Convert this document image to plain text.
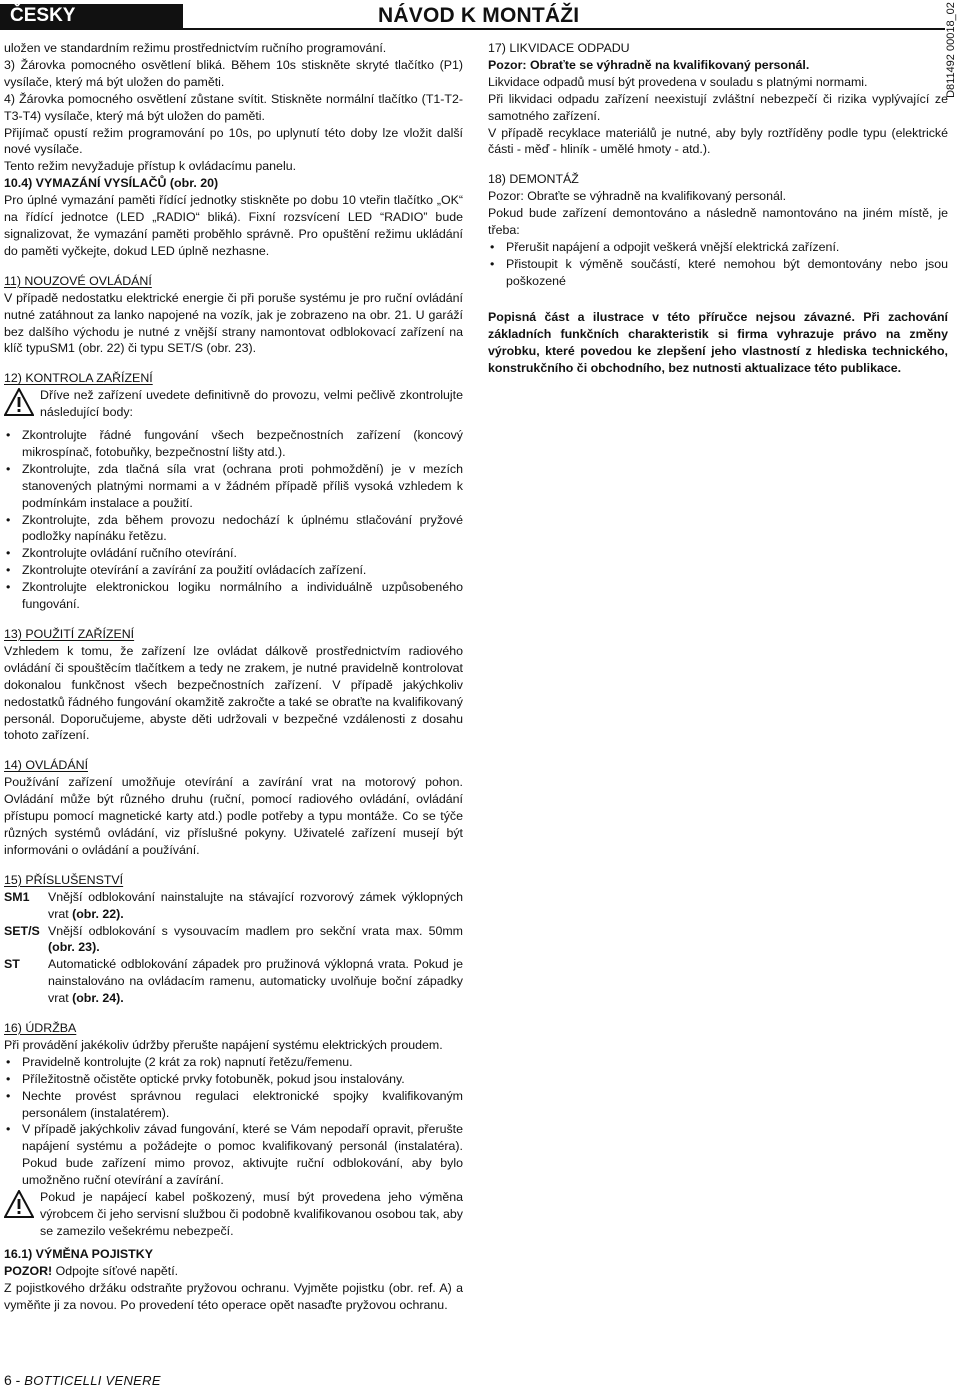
ČESKY	NÁVOD K MONTÁŽI	D811492 00018_02

uložen ve standardním režimu prostřednictvím ručního programování.

3) Žárovka pomocného osvětlení bliká. Během 10s stiskněte skryté tlačítko (P1) vysílače, který má být uložen do paměti.

4) Žárovka pomocného osvětlení zůstane svítit. Stiskněte normální tlačítko (T1-T2-T3-T4) vysílače, který má být uložen do paměti.

Přijímač opustí režim programování po 10s, po uplynutí této doby lze vložit další nové vysílače.

Tento režim nevyžaduje přístup k ovládacímu panelu.

10.4) VYMAZÁNÍ VYSÍLAČŮ (obr. 20)

Pro úplné vymazání paměti řídící jednotky stiskněte po dobu 10 vteřin tlačítko „OK“ na řídící jednotce (LED „RADIO“ bliká). Fixní rozsvícení LED “RADIO” bude signalizovat, že vymazání paměti proběhlo správně. Pro opuštění režimu ukládání do paměti vyčkejte, dokud LED úplně nezhasne.

11) NOUZOVÉ OVLÁDÁNÍ

V případě nedostatku elektrické energie či při poruše systému je pro ruční ovládání nutné zatáhnout za lanko napojené na vozík, jak je zobrazeno na obr. 21. U garáží bez dalšího východu je nutné z vnější strany namontovat odblokovací zařízení na klíč typuSM1 (obr. 22) či typu SET/S (obr. 23).

12) KONTROLA ZAŘÍZENÍ

Dříve než zařízení uvedete definitivně do provozu, velmi pečlivě zkontrolujte následující body:

• Zkontrolujte řádné fungování všech bezpečnostních zařízení (koncový mikrospínač, fotobuňky, bezpečnostní lišty atd.).
• Zkontrolujte, zda tlačná síla vrat (ochrana proti pohmoždění) je v mezích stanovených platnými normami a v žádném případě příliš vysoká vzhledem k podmínkám instalace a použití.
• Zkontrolujte, zda během provozu nedochází k úplnému stlačování pryžové podložky napínáku řetězu.
• Zkontrolujte ovládání ručního otevírání.
• Zkontrolujte otevírání a zavírání za použití ovládacích zařízení.
• Zkontrolujte elektronickou logiku normálního a individuálně uzpůsobeného fungování.

13) POUŽITÍ ZAŘÍZENÍ

Vzhledem k tomu, že zařízení lze ovládat dálkově prostřednictvím radiového ovládání či spouštěcím tlačítkem a tedy ne zrakem, je nutné pravidelně kontrolovat dokonalou funkčnost všech bezpečnostních zařízení. V případě jakýchkoliv nedostatků řádného fungování okamžitě zakročte a také se obraťte na kvalifikovaný personál. Doporučujeme, abyste děti udržovali v bezpečné vzdálenosti z dosahu tohoto zařízení.

14) OVLÁDÁNÍ

Používání zařízení umožňuje otevírání a zavírání vrat na motorový pohon. Ovládání může být různého druhu (ruční, pomocí radiového ovládání, ovládání přístupu pomocí magnetické karty atd.) podle potřeby a typu montáže. Co se týče různých systémů ovládání, viz příslušné pokyny. Uživatelé zařízení musejí být informováni o ovládání a používání.

15) PŘÍSLUŠENSTVÍ

SM1	Vnější odblokování nainstalujte na stávající rozvorový zámek výklopných vrat (obr. 22).
SET/S Vnější odblokování s vysouvacím madlem pro sekční vrata max. 50mm (obr. 23).
ST	Automatické odblokování západek pro pružinová výklopná vrata. Pokud je nainstalováno na ovládacím ramenu, automaticky uvolňuje boční západky vrat (obr. 24).

16) ÚDRŽBA

Při provádění jakékoliv údržby přerušte napájení systému elektrických proudem.

• Pravidelně kontrolujte (2 krát za rok) napnutí řetězu/řemenu.
• Příležitostně očistěte optické prvky fotobuněk, pokud jsou instalovány.
• Nechte provést správnou regulaci elektronické spojky kvalifikovaným personálem (instalatérem).
• V případě jakýchkoliv závad fungování, které se Vám nepodaří opravit, přerušte napájení systému a požádejte o pomoc kvalifikovaný personál (instalatéra). Pokud bude zařízení mimo provoz, aktivujte ruční odblokování, aby bylo umožněno ruční otevírání a zavírání.

Pokud je napájecí kabel poškozený, musí být provedena jeho výměna výrobcem či jeho servisní službou či podobně kvalifikovanou osobou tak, aby se zamezilo vešekrému nebezpečí.

16.1) VÝMĚNA POJISTKY

POZOR! Odpojte síťové napětí.

Z pojistkového držáku odstraňte pryžovou ochranu. Vyjměte pojistku (obr. ref. A) a vyměňte ji za novou. Po provedení této operace opět nasaďte pryžovou ochranu.

17) LIKVIDACE ODPADU

Pozor: Obraťte se výhradně na kvalifikovaný personál.

Likvidace odpadů musí být provedena v souladu s platnými normami.

Při likvidaci odpadu zařízení neexistují zvláštní nebezpečí či rizika vyplývající ze samotného zařízení.

V případě recyklace materiálů je nutné, aby byly roztříděny podle typu (elektrické části - měď - hliník - umělé hmoty - atd.).

18) DEMONTÁŽ

Pozor: Obraťte se výhradně na kvalifikovaný personál.

Pokud bude zařízení demontováno a následně namontováno na jiném místě, je třeba:

• Přerušit napájení a odpojit veškerá vnější elektrická zařízení.
• Přistoupit k výměně součástí, které nemohou být demontovány nebo jsou poškozené

Popisná část a ilustrace v této příručce nejsou závazné. Při zachování základních funkčních charakteristik si firma vyhrazuje právo na změny výrobku, které povedou ke zlepšení jeho vlastností z hlediska technického, konstrukčního či obchodního, bez nutnosti aktualizace této publikace.

6 - BOTTICELLI VENERE
